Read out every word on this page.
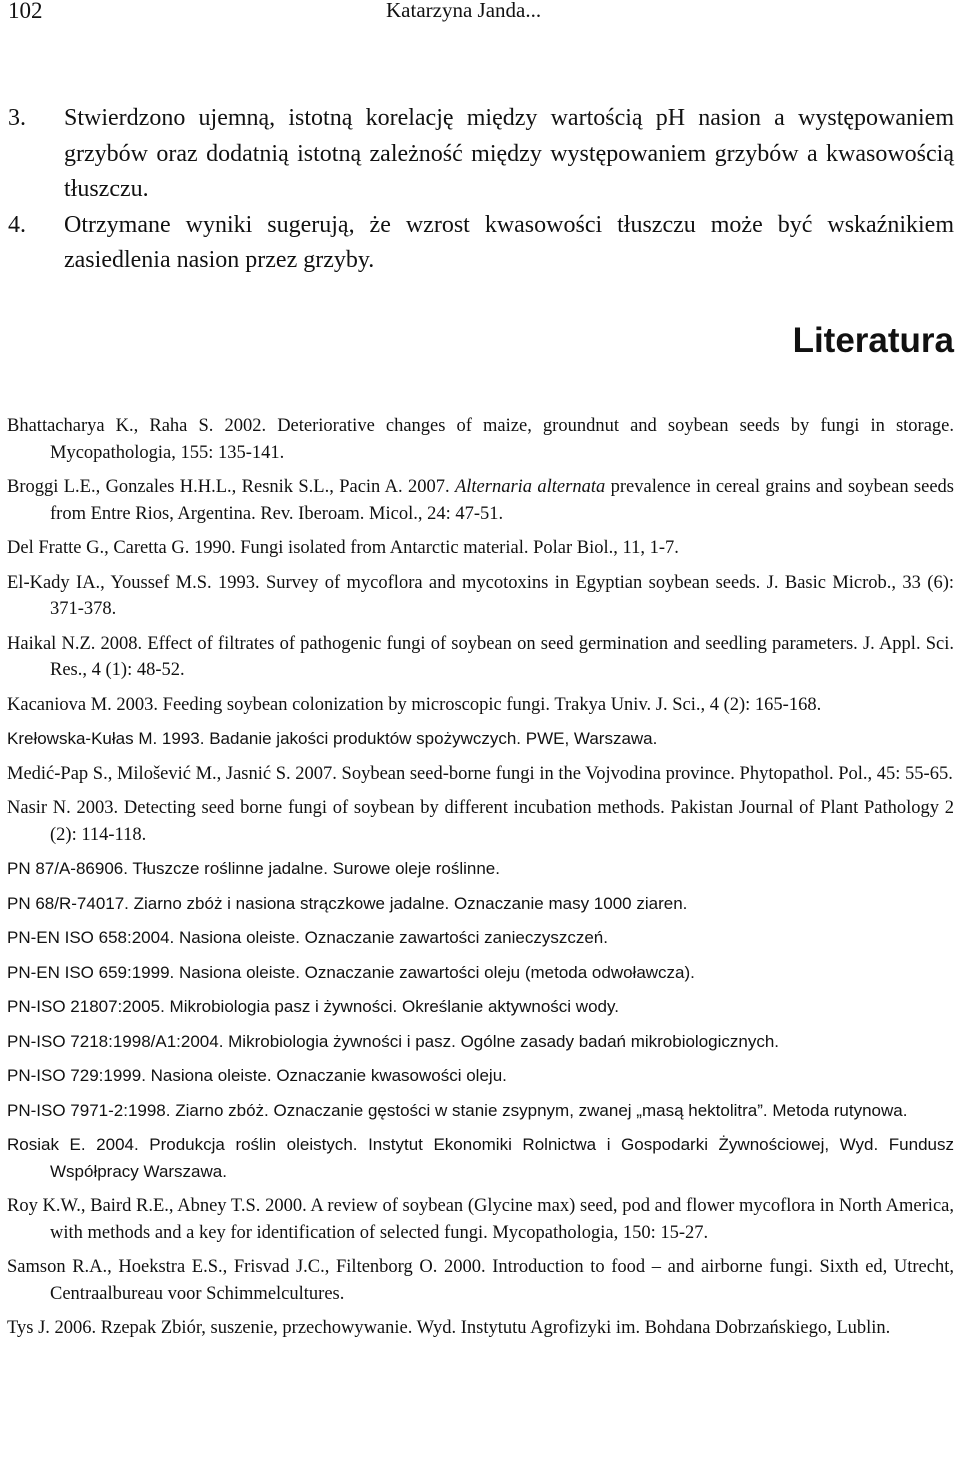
102	Katarzyna Janda...
3. Stwierdzono ujemną, istotną korelację między wartością pH nasion a występowaniem grzybów oraz dodatnią istotną zależność między występowaniem grzybów a kwasowością tłuszczu.
4. Otrzymane wyniki sugerują, że wzrost kwasowości tłuszczu może być wskaźnikiem zasiedlenia nasion przez grzyby.
Literatura
Bhattacharya K., Raha S. 2002. Deteriorative changes of maize, groundnut and soybean seeds by fungi in storage. Mycopathologia, 155: 135-141.
Broggi L.E., Gonzales H.H.L., Resnik S.L., Pacin A. 2007. Alternaria alternata prevalence in cereal grains and soybean seeds from Entre Rios, Argentina. Rev. Iberoam. Micol., 24: 47-51.
Del Fratte G., Caretta G. 1990. Fungi isolated from Antarctic material. Polar Biol., 11, 1-7.
El-Kady IA., Youssef M.S. 1993. Survey of mycoflora and mycotoxins in Egyptian soybean seeds. J. Basic Microb., 33 (6): 371-378.
Haikal N.Z. 2008. Effect of filtrates of pathogenic fungi of soybean on seed germination and seedling parameters. J. Appl. Sci. Res., 4 (1): 48-52.
Kacaniova M. 2003. Feeding soybean colonization by microscopic fungi. Trakya Univ. J. Sci., 4 (2): 165-168.
Krełowska-Kułas M. 1993. Badanie jakości produktów spożywczych. PWE, Warszawa.
Medić-Pap S., Milošević M., Jasnić S. 2007. Soybean seed-borne fungi in the Vojvodina province. Phytopathol. Pol., 45: 55-65.
Nasir N. 2003. Detecting seed borne fungi of soybean by different incubation methods. Pakistan Journal of Plant Pathology 2 (2): 114-118.
PN 87/A-86906. Tłuszcze roślinne jadalne. Surowe oleje roślinne.
PN 68/R-74017. Ziarno zbóż i nasiona strączkowe jadalne. Oznaczanie masy 1000 ziaren.
PN-EN ISO 658:2004. Nasiona oleiste. Oznaczanie zawartości zanieczyszczeń.
PN-EN ISO 659:1999. Nasiona oleiste. Oznaczanie zawartości oleju (metoda odwoławcza).
PN-ISO 21807:2005. Mikrobiologia pasz i żywności. Określanie aktywności wody.
PN-ISO 7218:1998/A1:2004. Mikrobiologia żywności i pasz. Ogólne zasady badań mikrobiologicznych.
PN-ISO 729:1999. Nasiona oleiste. Oznaczanie kwasowości oleju.
PN-ISO 7971-2:1998. Ziarno zbóż. Oznaczanie gęstości w stanie zsypnym, zwanej „masą hektolitra”. Metoda rutynowa.
Rosiak E. 2004. Produkcja roślin oleistych. Instytut Ekonomiki Rolnictwa i Gospodarki Żywnościowej, Wyd. Fundusz Współpracy Warszawa.
Roy K.W., Baird R.E., Abney T.S. 2000. A review of soybean (Glycine max) seed, pod and flower mycoflora in North America, with methods and a key for identification of selected fungi. Mycopathologia, 150: 15-27.
Samson R.A., Hoekstra E.S., Frisvad J.C., Filtenborg O. 2000. Introduction to food – and airborne fungi. Sixth ed, Utrecht, Centraalbureau voor Schimmelcultures.
Tys J. 2006. Rzepak Zbiór, suszenie, przechowywanie. Wyd. Instytutu Agrofizyki im. Bohdana Dobrzańskiego, Lublin.
